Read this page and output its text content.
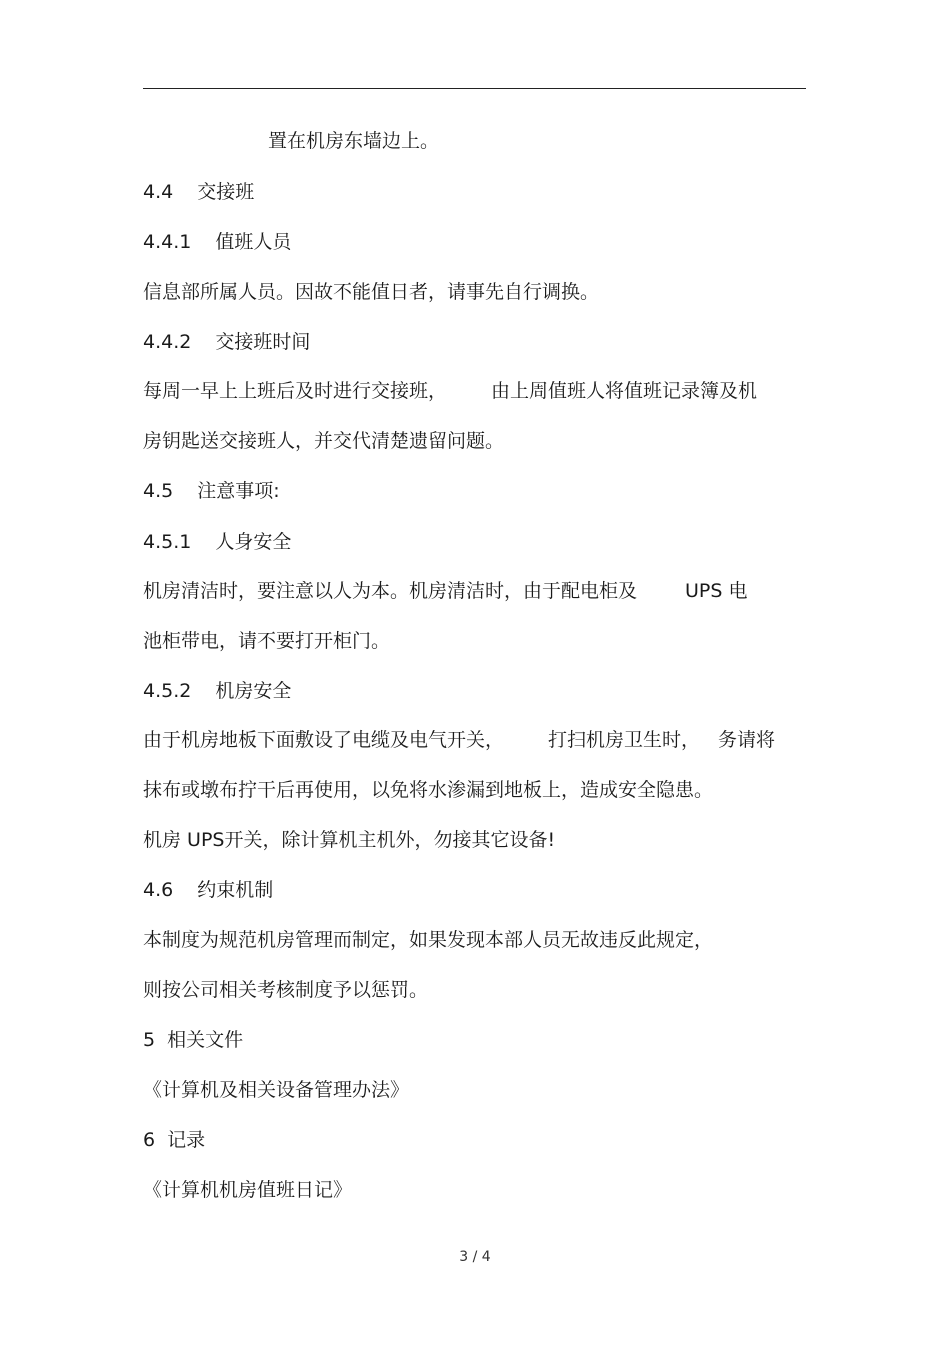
置在机房东墙边上。
4.4 交接班
4.4.1 值班人员
信息部所属人员。因故不能值日者，请事先自行调换。
4.4.2 交接班时间
每周一早上上班后及时进行交接班， 由上周值班人将值班记录簿及机
房钥匙送交接班人，并交代清楚遗留问题。
4.5 注意事项:
4.5.1 人身安全
机房清洁时，要注意以人为本。机房清洁时，由于配电柜及	UPS 电
池柜带电，请不要打开柜门。
4.5.2 机房安全
由于机房地板下面敷设了电缆及电气开关， 打扫机房卫生时， 务请将
抹布或墩布拧干后再使用，以免将水渗漏到地板上，造成安全隐患。
机房 UPS开关，除计算机主机外，勿接其它设备!
4.6 约束机制
本制度为规范机房管理而制定，如果发现本部人员无故违反此规定，
则按公司相关考核制度予以惩罚。
5 相关文件
《计算机及相关设备管理办法》
6 记录
《计算机机房值班日记》
3 / 4
